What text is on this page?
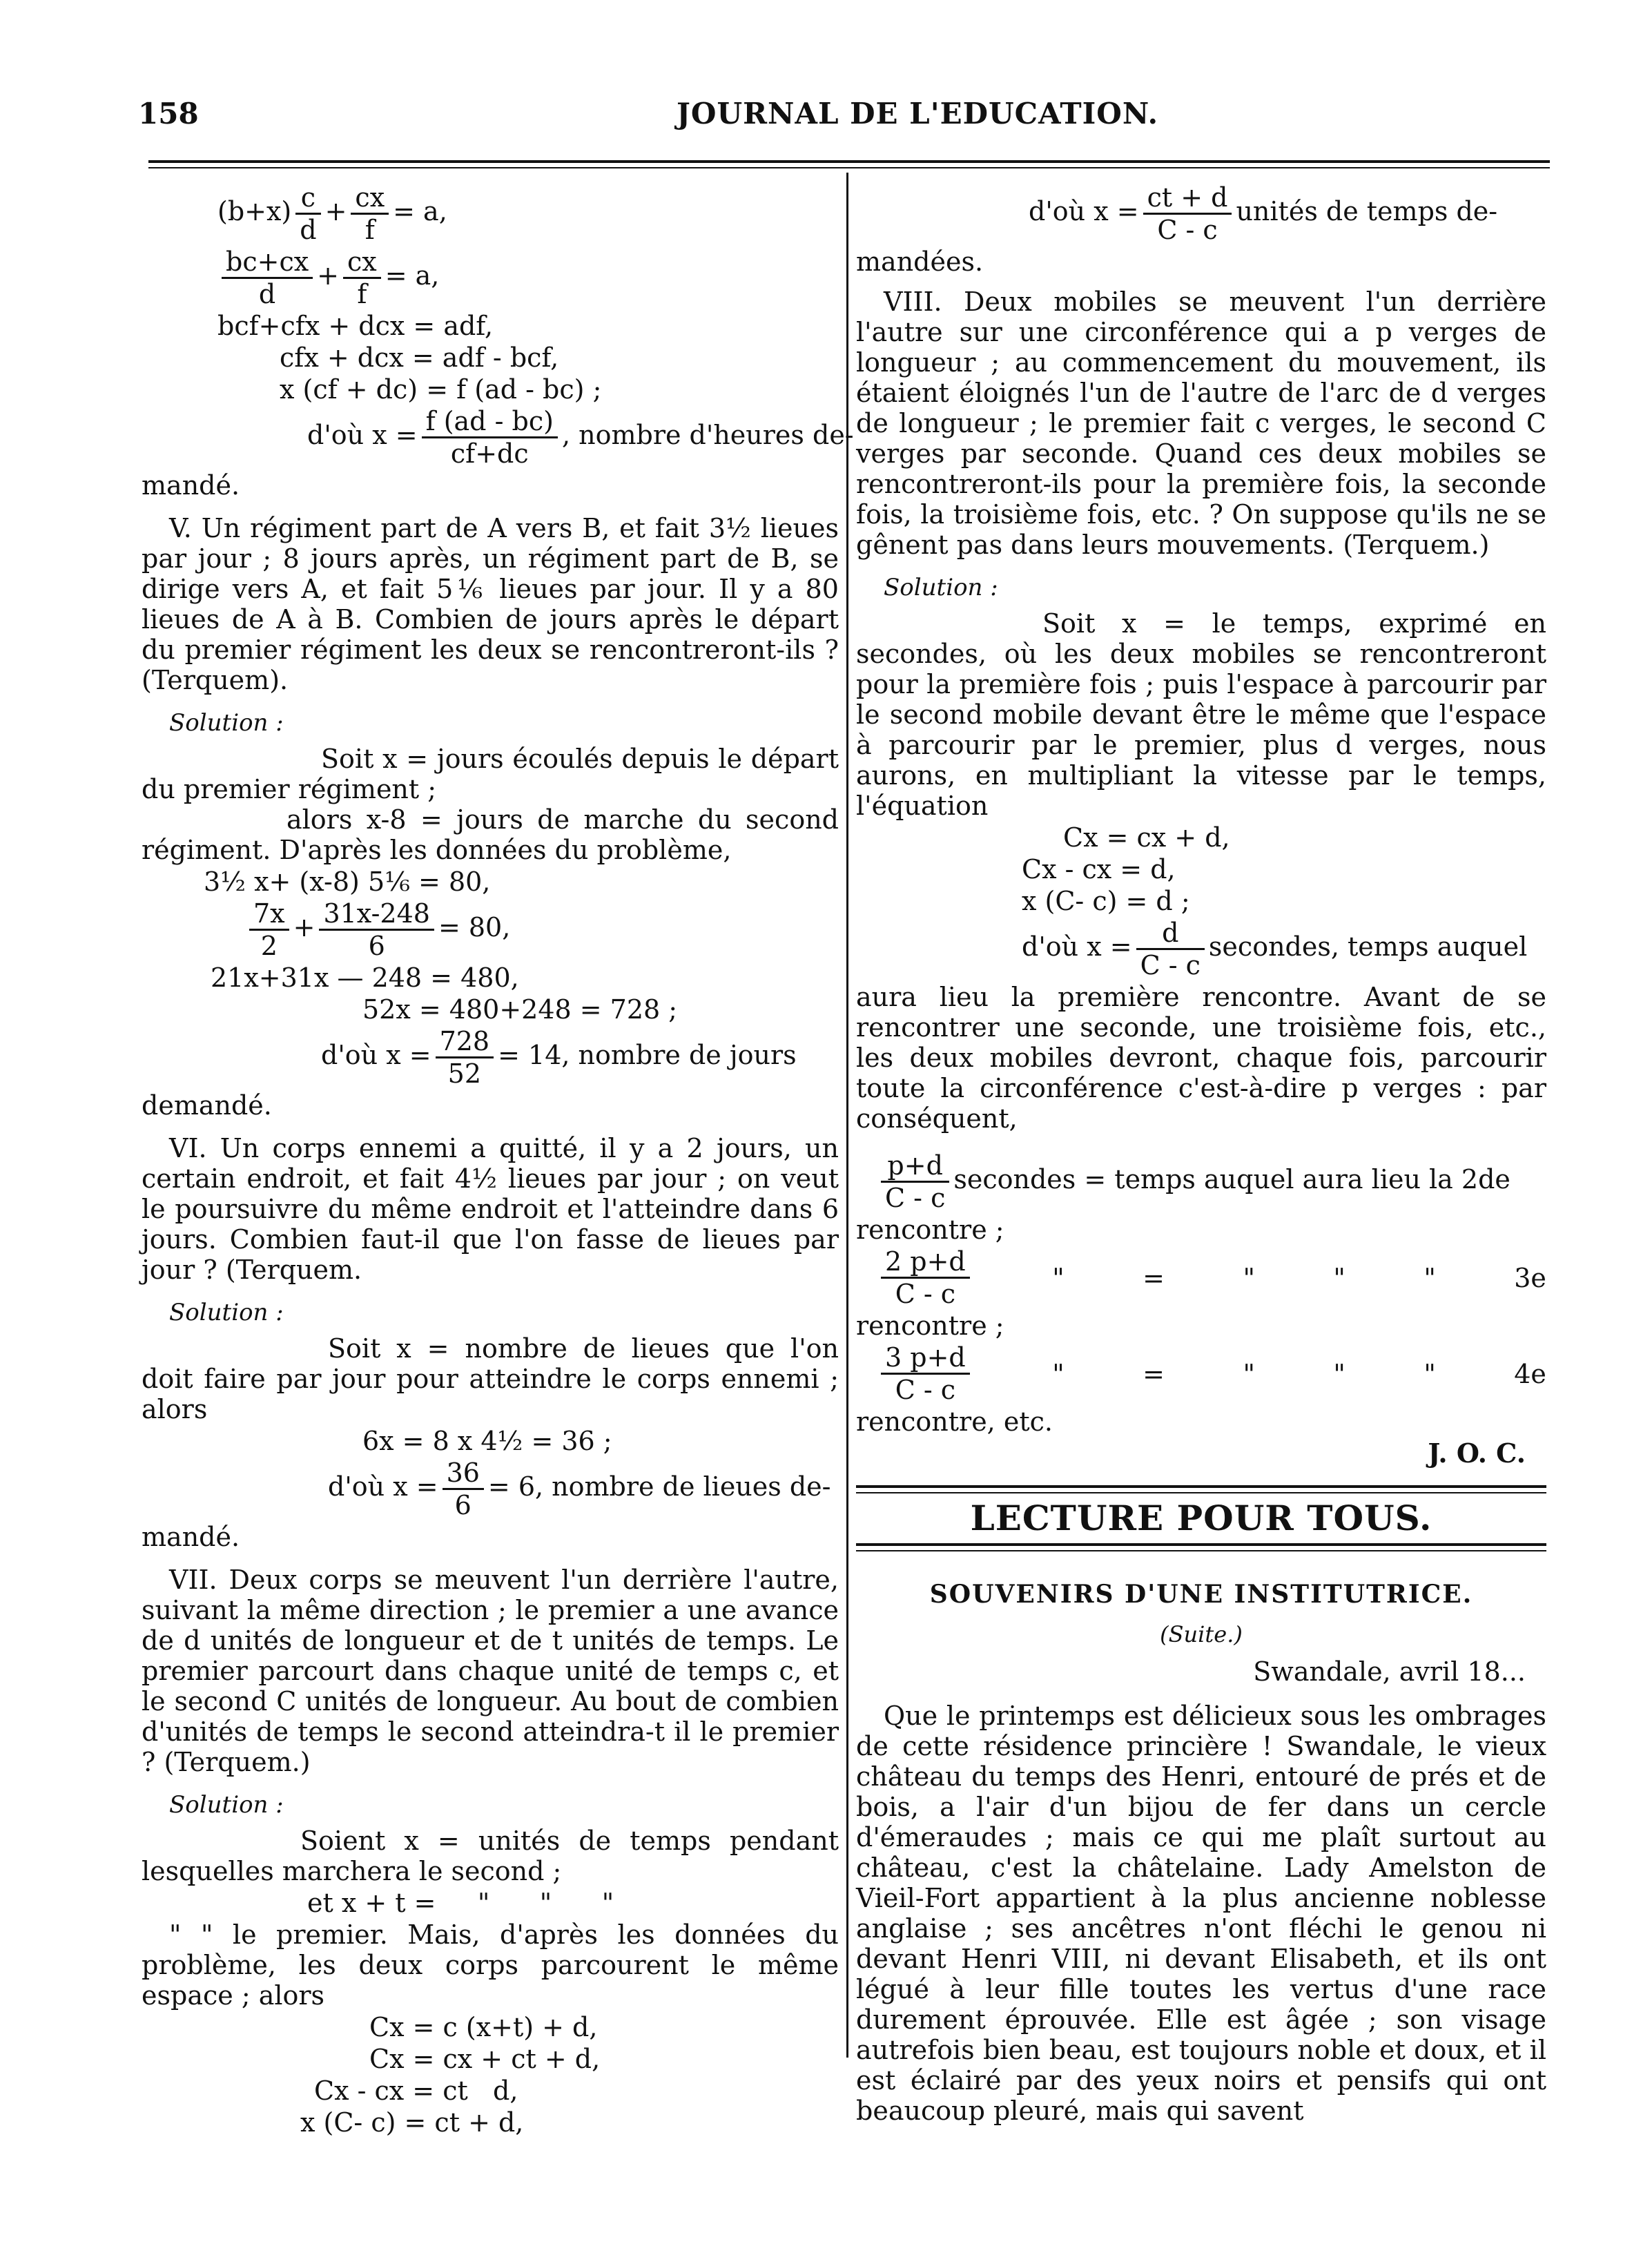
158	JOURNAL DE L'EDUCATION.
$(b+x) \frac{c}{d} + \frac{cx}{f} = a$,
$\frac{bc+cx}{d} + \frac{cx}{f} = a$,
bcf+cfx + dcx = adf,
cfx + dcx = adf - bcf,
x (cf + dc) = f (ad - bc) ;
d'où $x = \frac{f (ad - bc)}{cf+dc}$ , nombre d'heures de-
mandé.

V. Un régiment part de A vers B, et fait 3½ lieues par jour ; 8 jours après, un régiment part de B, se dirige vers A, et fait 5⅙ lieues par jour. Il y a 80 lieues de A à B. Combien de jours après le départ du premier régiment les deux se rencontreront-ils ? (Terquem).

Solution :

Soit x = jours écoulés depuis le départ du premier régiment ;

alors x-8 = jours de marche du second régiment. D'après les données du problème,

3½ x+ (x-8) 5⅙ = 80,
$\frac{7x}{2} + \frac{31x-248}{6} = 80$,
21x+31x — 248 = 480,
52x = 480+248 = 728 ;
d'où $x = \frac{728}{52} = 14$, nombre de jours
demandé.

VI. Un corps ennemi a quitté, il y a 2 jours, un certain endroit, et fait 4½ lieues par jour ; on veut le poursuivre du même endroit et l'atteindre dans 6 jours. Combien faut-il que l'on fasse de lieues par jour ? (Terquem.

Solution :

Soit x = nombre de lieues que l'on doit faire par jour pour atteindre le corps ennemi ; alors

6x = 8 x 4½ = 36 ;
d'où $x = \frac{36}{6} = 6$, nombre de lieues de-
mandé.

VII. Deux corps se meuvent l'un derrière l'autre, suivant la même direction ; le premier a une avance de d unités de longueur et de t unités de temps. Le premier parcourt dans chaque unité de temps c, et le second C unités de longueur. Au bout de combien d'unités de temps le second atteindra-t il le premier ? (Terquem.)

Solution :

Soient x = unités de temps pendant lesquelles marchera le second ;

et x + t =     "      "      "

" " le premier. Mais, d'après les données du problème, les deux corps parcourent le même espace ; alors

Cx = c (x+t) + d,
Cx = cx + ct + d,
Cx - cx = ct   d,
x (C- c) = ct + d,
d'où $x = \frac{ct + d}{C - c}$ unités de temps de-
mandées.

VIII. Deux mobiles se meuvent l'un derrière l'autre sur une circonférence qui a p verges de longueur ; au commencement du mouvement, ils étaient éloignés l'un de l'autre de l'arc de d verges de longueur ; le premier fait c verges, le second C verges par seconde. Quand ces deux mobiles se rencontreront-ils pour la première fois, la seconde fois, la troisième fois, etc. ? On suppose qu'ils ne se gênent pas dans leurs mouvements. (Terquem.)

Solution :

Soit x = le temps, exprimé en secondes, où les deux mobiles se rencontreront pour la première fois ; puis l'espace à parcourir par le second mobile devant être le même que l'espace à parcourir par le premier, plus d verges, nous aurons, en multipliant la vitesse par le temps, l'équation

Cx = cx + d,
Cx - cx = d,
x (C- c) = d ;
d'où $x = \frac{d}{C - c}$ secondes, temps auquel

aura lieu la première rencontre. Avant de se rencontrer une seconde, une troisième fois, etc., les deux mobiles devront, chaque fois, parcourir toute la circonférence c'est-à-dire p verges : par conséquent,

$\frac{p+d}{C - c}$ secondes = temps auquel aura lieu la 2de
rencontre ;
$\frac{2 p+d}{C - c}$	"	=	"	"	"	3e
rencontre ;
$\frac{3 p+d}{C - c}$	"	=	"	"	"	4e
rencontre, etc.
J. O. C.
LECTURE POUR TOUS.
SOUVENIRS D'UNE INSTITUTRICE.
(Suite.)
Swandale, avril 18...

Que le printemps est délicieux sous les ombrages de cette résidence princière ! Swandale, le vieux château du temps des Henri, entouré de prés et de bois, a l'air d'un bijou de fer dans un cercle d'émeraudes ; mais ce qui me plaît surtout au château, c'est la châtelaine. Lady Amelston de Vieil-Fort appartient à la plus ancienne noblesse anglaise ; ses ancêtres n'ont fléchi le genou ni devant Henri VIII, ni devant Elisabeth, et ils ont légué à leur fille toutes les vertus d'une race durement éprouvée. Elle est âgée ; son visage autrefois bien beau, est toujours noble et doux, et il est éclairé par des yeux noirs et pensifs qui ont beaucoup pleuré, mais qui savent
